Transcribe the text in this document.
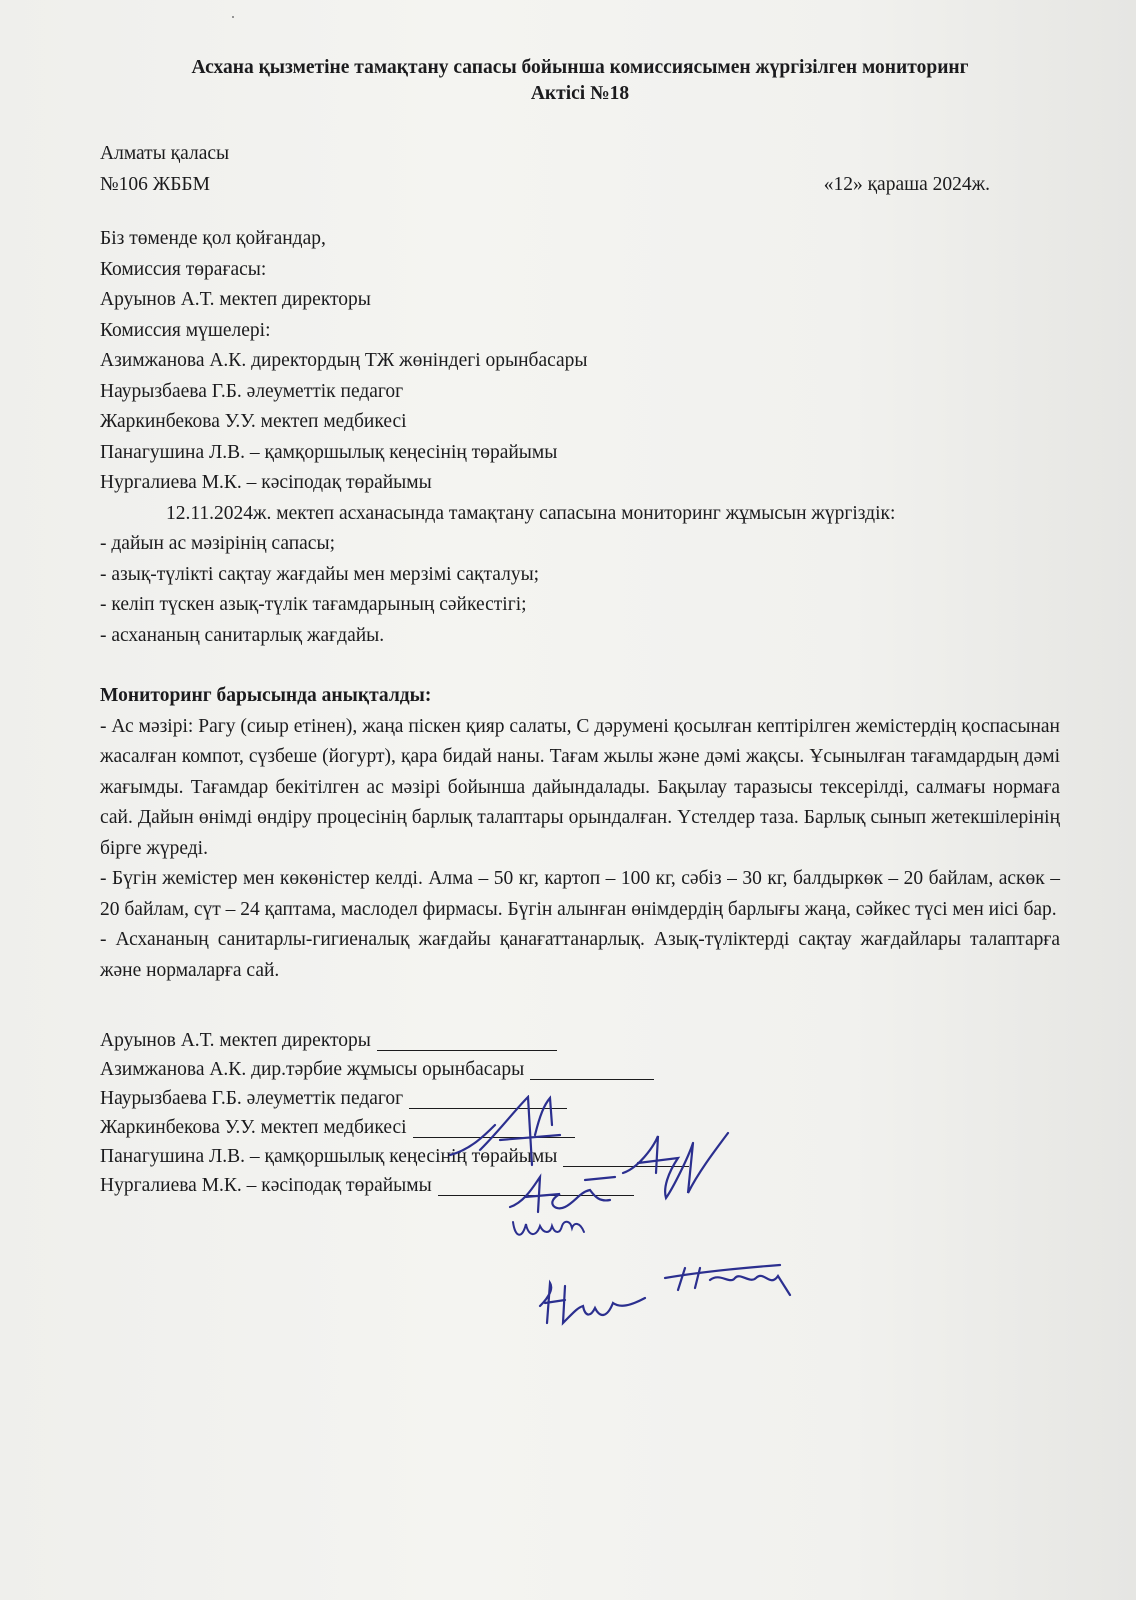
Асхана қызметіне тамақтану сапасы бойынша комиссиясымен жүргізілген мониторинг
Актісі №18
Алматы қаласы
№106 ЖББМ	«12» қараша 2024ж.
Біз төменде қол қойғандар,
Комиссия төрағасы:
Аруынов А.Т. мектеп директоры
Комиссия мүшелері:
Азимжанова А.К. директордың ТЖ жөніндегі орынбасары
Наурызбаева Г.Б. әлеуметтік педагог
Жаркинбекова У.У. мектеп медбикесі
Панагушина Л.В. – қамқоршылық кеңесінің төрайымы
Нургалиева М.К. – кәсіподақ төрайымы
12.11.2024ж. мектеп асханасында тамақтану сапасына мониторинг жұмысын жүргіздік:
- дайын ас мәзірінің сапасы;
- азық-түлікті сақтау жағдайы мен мерзімі сақталуы;
- келіп түскен азық-түлік тағамдарының сәйкестігі;
- асхананың санитарлық жағдайы.
Мониторинг барысында анықталды:
- Ас мәзірі: Рагу (сиыр етінен), жаңа піскен қияр салаты, С дәрумені қосылған кептірілген жемістердің қоспасынан жасалған компот, сүзбеше (йогурт), қара бидай наны. Тағам жылы және дәмі жақсы. Ұсынылған тағамдардың дәмі жағымды. Тағамдар бекітілген ас мәзірі бойынша дайындалады. Бақылау таразысы тексерілді, салмағы нормаға сай. Дайын өнімді өндіру процесінің барлық талаптары орындалған. Үстелдер таза. Барлық сынып жетекшілерінің бірге жүреді.
- Бүгін жемістер мен көкөністер келді. Алма – 50 кг, картоп – 100 кг, сәбіз – 30 кг, балдыркөк – 20 байлам, аскөк – 20 байлам, сүт – 24 қаптама, маслодел фирмасы. Бүгін алынған өнімдердің барлығы жаңа, сәйкес түсі мен иісі бар.
- Асхананың санитарлы-гигиеналық жағдайы қанағаттанарлық. Азық-түліктерді сақтау жағдайлары талаптарға және нормаларға сай.
Аруынов А.Т. мектеп директоры
Азимжанова А.К. дир.тәрбие жұмысы орынбасары
Наурызбаева Г.Б. әлеуметтік педагог
Жаркинбекова У.У. мектеп медбикесі
Панагушина Л.В. – қамқоршылық кеңесінің төрайымы
Нургалиева М.К. – кәсіподақ төрайымы
